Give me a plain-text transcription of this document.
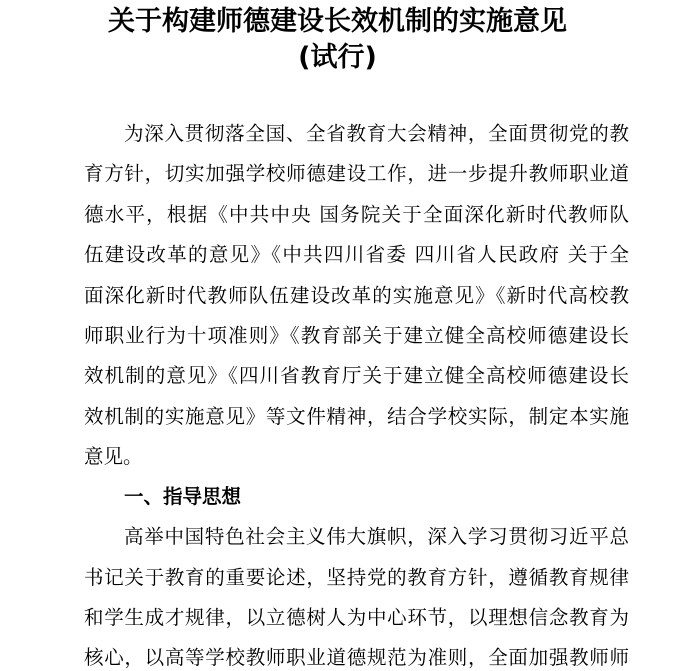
关于构建师德建设长效机制的实施意见
(试行)
为深入贯彻落全国、全省教育大会精神，全面贯彻党的教
育方针，切实加强学校师德建设工作，进一步提升教师职业道
德水平，根据《中共中央 国务院关于全面深化新时代教师队
伍建设改革的意见》《中共四川省委 四川省人民政府 关于全
面深化新时代教师队伍建设改革的实施意见》《新时代高校教
师职业行为十项准则》《教育部关于建立健全高校师德建设长
效机制的意见》《四川省教育厅关于建立健全高校师德建设长
效机制的实施意见》等文件精神，结合学校实际，制定本实施
意见。
一、指导思想
高举中国特色社会主义伟大旗帜，深入学习贯彻习近平总
书记关于教育的重要论述，坚持党的教育方针，遵循教育规律
和学生成才规律，以立德树人为中心环节，以理想信念教育为
核心，以高等学校教师职业道德规范为准则，全面加强教师师
